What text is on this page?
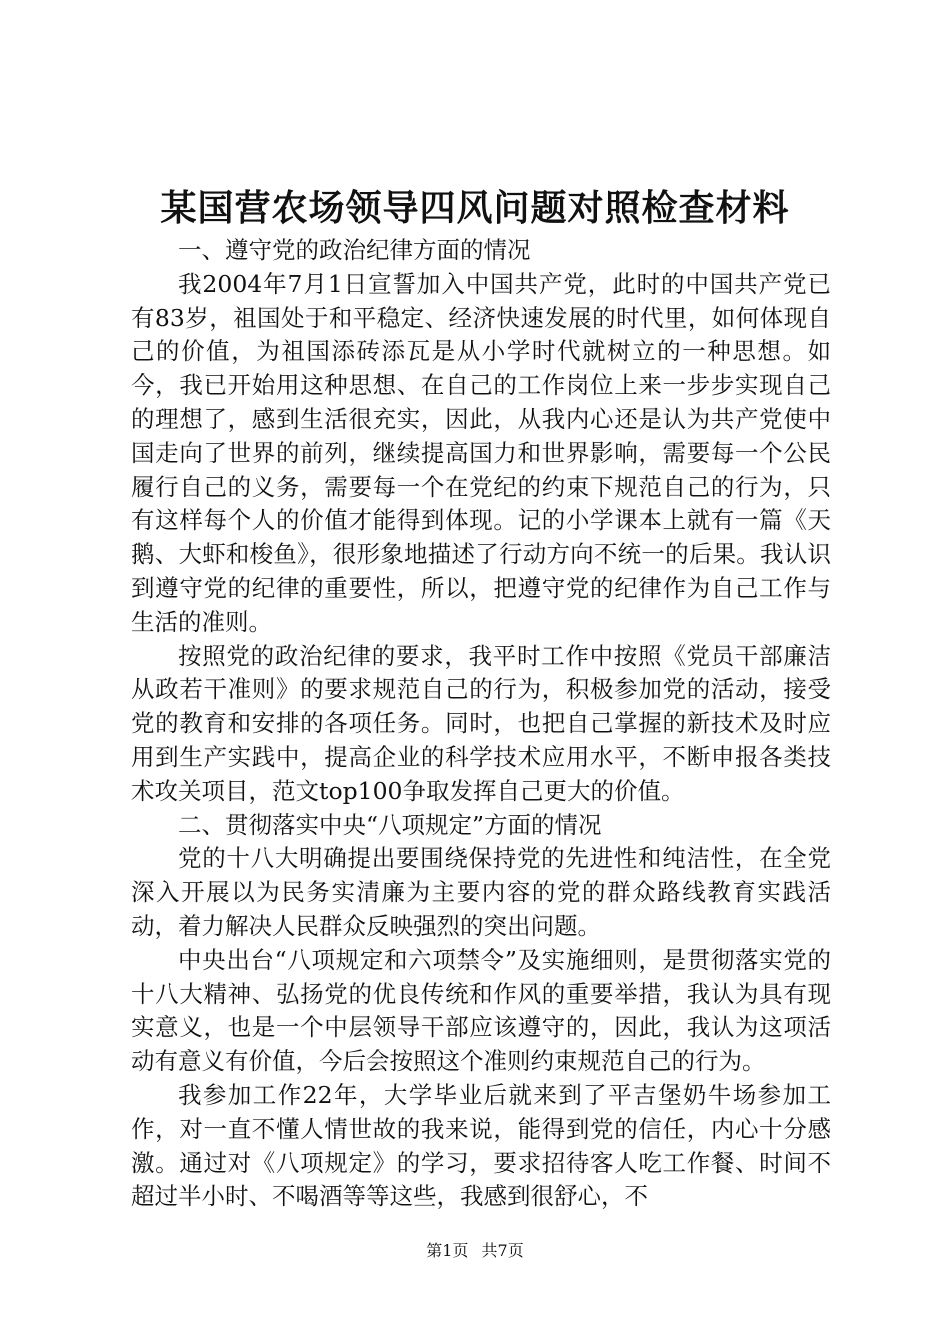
某国营农场领导四风问题对照检查材料

一、遵守党的政治纪律方面的情况

我2004年7月1日宣誓加入中国共产党，此时的中国共产党已有83岁，祖国处于和平稳定、经济快速发展的时代里，如何体现自己的价值，为祖国添砖添瓦是从小学时代就树立的一种思想。如今，我已开始用这种思想、在自己的工作岗位上来一步步实现自己的理想了，感到生活很充实，因此，从我内心还是认为共产党使中国走向了世界的前列，继续提高国力和世界影响，需要每一个公民履行自己的义务，需要每一个在党纪的约束下规范自己的行为，只有这样每个人的价值才能得到体现。记的小学课本上就有一篇《天鹅、大虾和梭鱼》，很形象地描述了行动方向不统一的后果。我认识到遵守党的纪律的重要性，所以，把遵守党的纪律作为自己工作与生活的准则。

按照党的政治纪律的要求，我平时工作中按照《党员干部廉洁从政若干准则》的要求规范自己的行为，积极参加党的活动，接受党的教育和安排的各项任务。同时，也把自己掌握的新技术及时应用到生产实践中，提高企业的科学技术应用水平，不断申报各类技术攻关项目，范文top100争取发挥自己更大的价值。

二、贯彻落实中央“八项规定”方面的情况

党的十八大明确提出要围绕保持党的先进性和纯洁性，在全党深入开展以为民务实清廉为主要内容的党的群众路线教育实践活动，着力解决人民群众反映强烈的突出问题。

中央出台“八项规定和六项禁令”及实施细则，是贯彻落实党的十八大精神、弘扬党的优良传统和作风的重要举措，我认为具有现实意义，也是一个中层领导干部应该遵守的，因此，我认为这项活动有意义有价值，今后会按照这个准则约束规范自己的行为。

我参加工作22年，大学毕业后就来到了平吉堡奶牛场参加工作，对一直不懂人情世故的我来说，能得到党的信任，内心十分感激。通过对《八项规定》的学习，要求招待客人吃工作餐、时间不超过半小时、不喝酒等等这些，我感到很舒心，不

第1页 共7页
